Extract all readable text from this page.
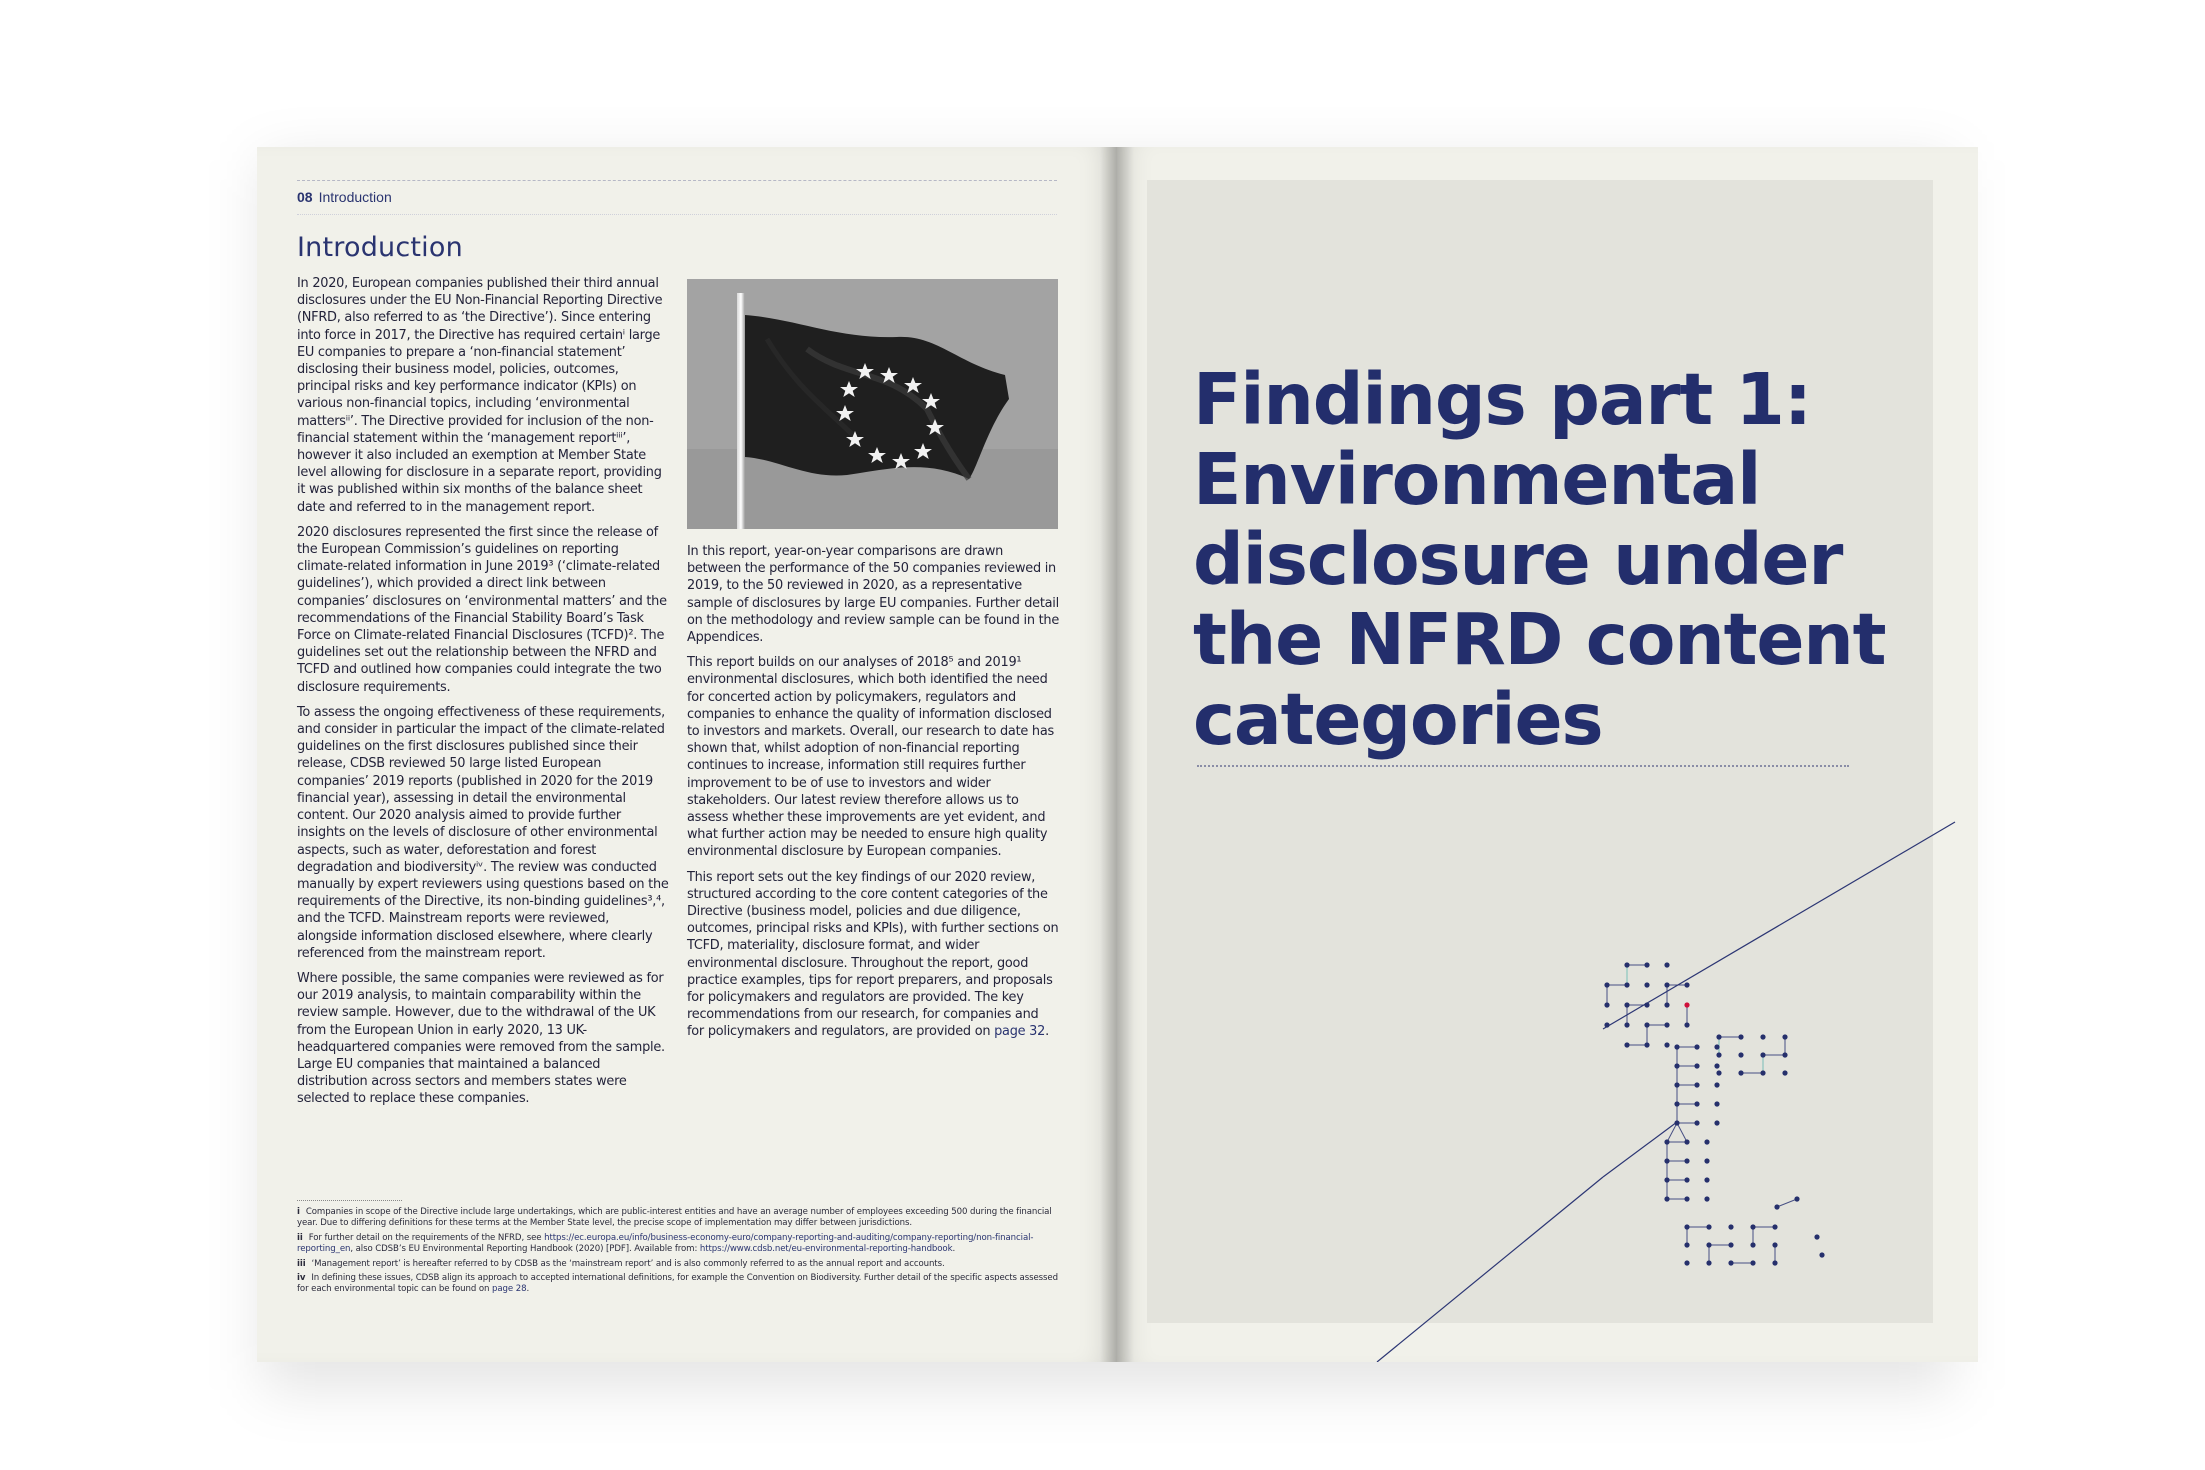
08 Introduction
Introduction

In 2020, European companies published their third annual disclosures under the EU Non-Financial Reporting Directive (NFRD, also referred to as ‘the Directive’). Since entering into force in 2017, the Directive has required certainⁱ large EU companies to prepare a ‘non-financial statement’ disclosing their business model, policies, outcomes, principal risks and key performance indicator (KPIs) on various non-financial topics, including ‘environmental mattersⁱⁱ’. The Directive provided for inclusion of the non-financial statement within the ‘management reportⁱⁱⁱ’, however it also included an exemption at Member State level allowing for disclosure in a separate report, providing it was published within six months of the balance sheet date and referred to in the management report.

2020 disclosures represented the first since the release of the European Commission’s guidelines on reporting climate-related information in June 2019³ (‘climate-related guidelines’), which provided a direct link between companies’ disclosures on ‘environmental matters’ and the recommendations of the Financial Stability Board’s Task Force on Climate-related Financial Disclosures (TCFD)². The guidelines set out the relationship between the NFRD and TCFD and outlined how companies could integrate the two disclosure requirements.

To assess the ongoing effectiveness of these requirements, and consider in particular the impact of the climate-related guidelines on the first disclosures published since their release, CDSB reviewed 50 large listed European companies’ 2019 reports (published in 2020 for the 2019 financial year), assessing in detail the environmental content. Our 2020 analysis aimed to provide further insights on the levels of disclosure of other environmental aspects, such as water, deforestation and forest degradation and biodiversityⁱᵛ. The review was conducted manually by expert reviewers using questions based on the requirements of the Directive, its non-binding guidelines³,⁴, and the TCFD. Mainstream reports were reviewed, alongside information disclosed elsewhere, where clearly referenced from the mainstream report.

Where possible, the same companies were reviewed as for our 2019 analysis, to maintain comparability within the review sample. However, due to the withdrawal of the UK from the European Union in early 2020, 13 UK-headquartered companies were removed from the sample. Large EU companies that maintained a balanced distribution across sectors and members states were selected to replace these companies.

In this report, year-on-year comparisons are drawn between the performance of the 50 companies reviewed in 2019, to the 50 reviewed in 2020, as a representative sample of disclosures by large EU companies. Further detail on the methodology and review sample can be found in the Appendices.

This report builds on our analyses of 2018⁵ and 2019¹ environmental disclosures, which both identified the need for concerted action by policymakers, regulators and companies to enhance the quality of information disclosed to investors and markets. Overall, our research to date has shown that, whilst adoption of non-financial reporting continues to increase, information still requires further improvement to be of use to investors and wider stakeholders. Our latest review therefore allows us to assess whether these improvements are yet evident, and what further action may be needed to ensure high quality environmental disclosure by European companies.

This report sets out the key findings of our 2020 review, structured according to the core content categories of the Directive (business model, policies and due diligence, outcomes, principal risks and KPIs), with further sections on TCFD, materiality, disclosure format, and wider environmental disclosure. Throughout the report, good practice examples, tips for report preparers, and proposals for policymakers and regulators are provided. The key recommendations from our research, for companies and for policymakers and regulators, are provided on page 32.

i Companies in scope of the Directive include large undertakings, which are public-interest entities and have an average number of employees exceeding 500 during the financial year. Due to differing definitions for these terms at the Member State level, the precise scope of implementation may differ between jurisdictions.

ii For further detail on the requirements of the NFRD, see https://ec.europa.eu/info/business-economy-euro/company-reporting-and-auditing/company-reporting/non-financial-reporting_en, also CDSB’s EU Environmental Reporting Handbook (2020) [PDF]. Available from: https://www.cdsb.net/eu-environmental-reporting-handbook.

iii ‘Management report’ is hereafter referred to by CDSB as the ‘mainstream report’ and is also commonly referred to as the annual report and accounts.

iv In defining these issues, CDSB align its approach to accepted international definitions, for example the Convention on Biodiversity. Further detail of the specific aspects assessed for each environmental topic can be found on page 28.

Findings part 1:
Environmental
disclosure under
the NFRD content
categories
